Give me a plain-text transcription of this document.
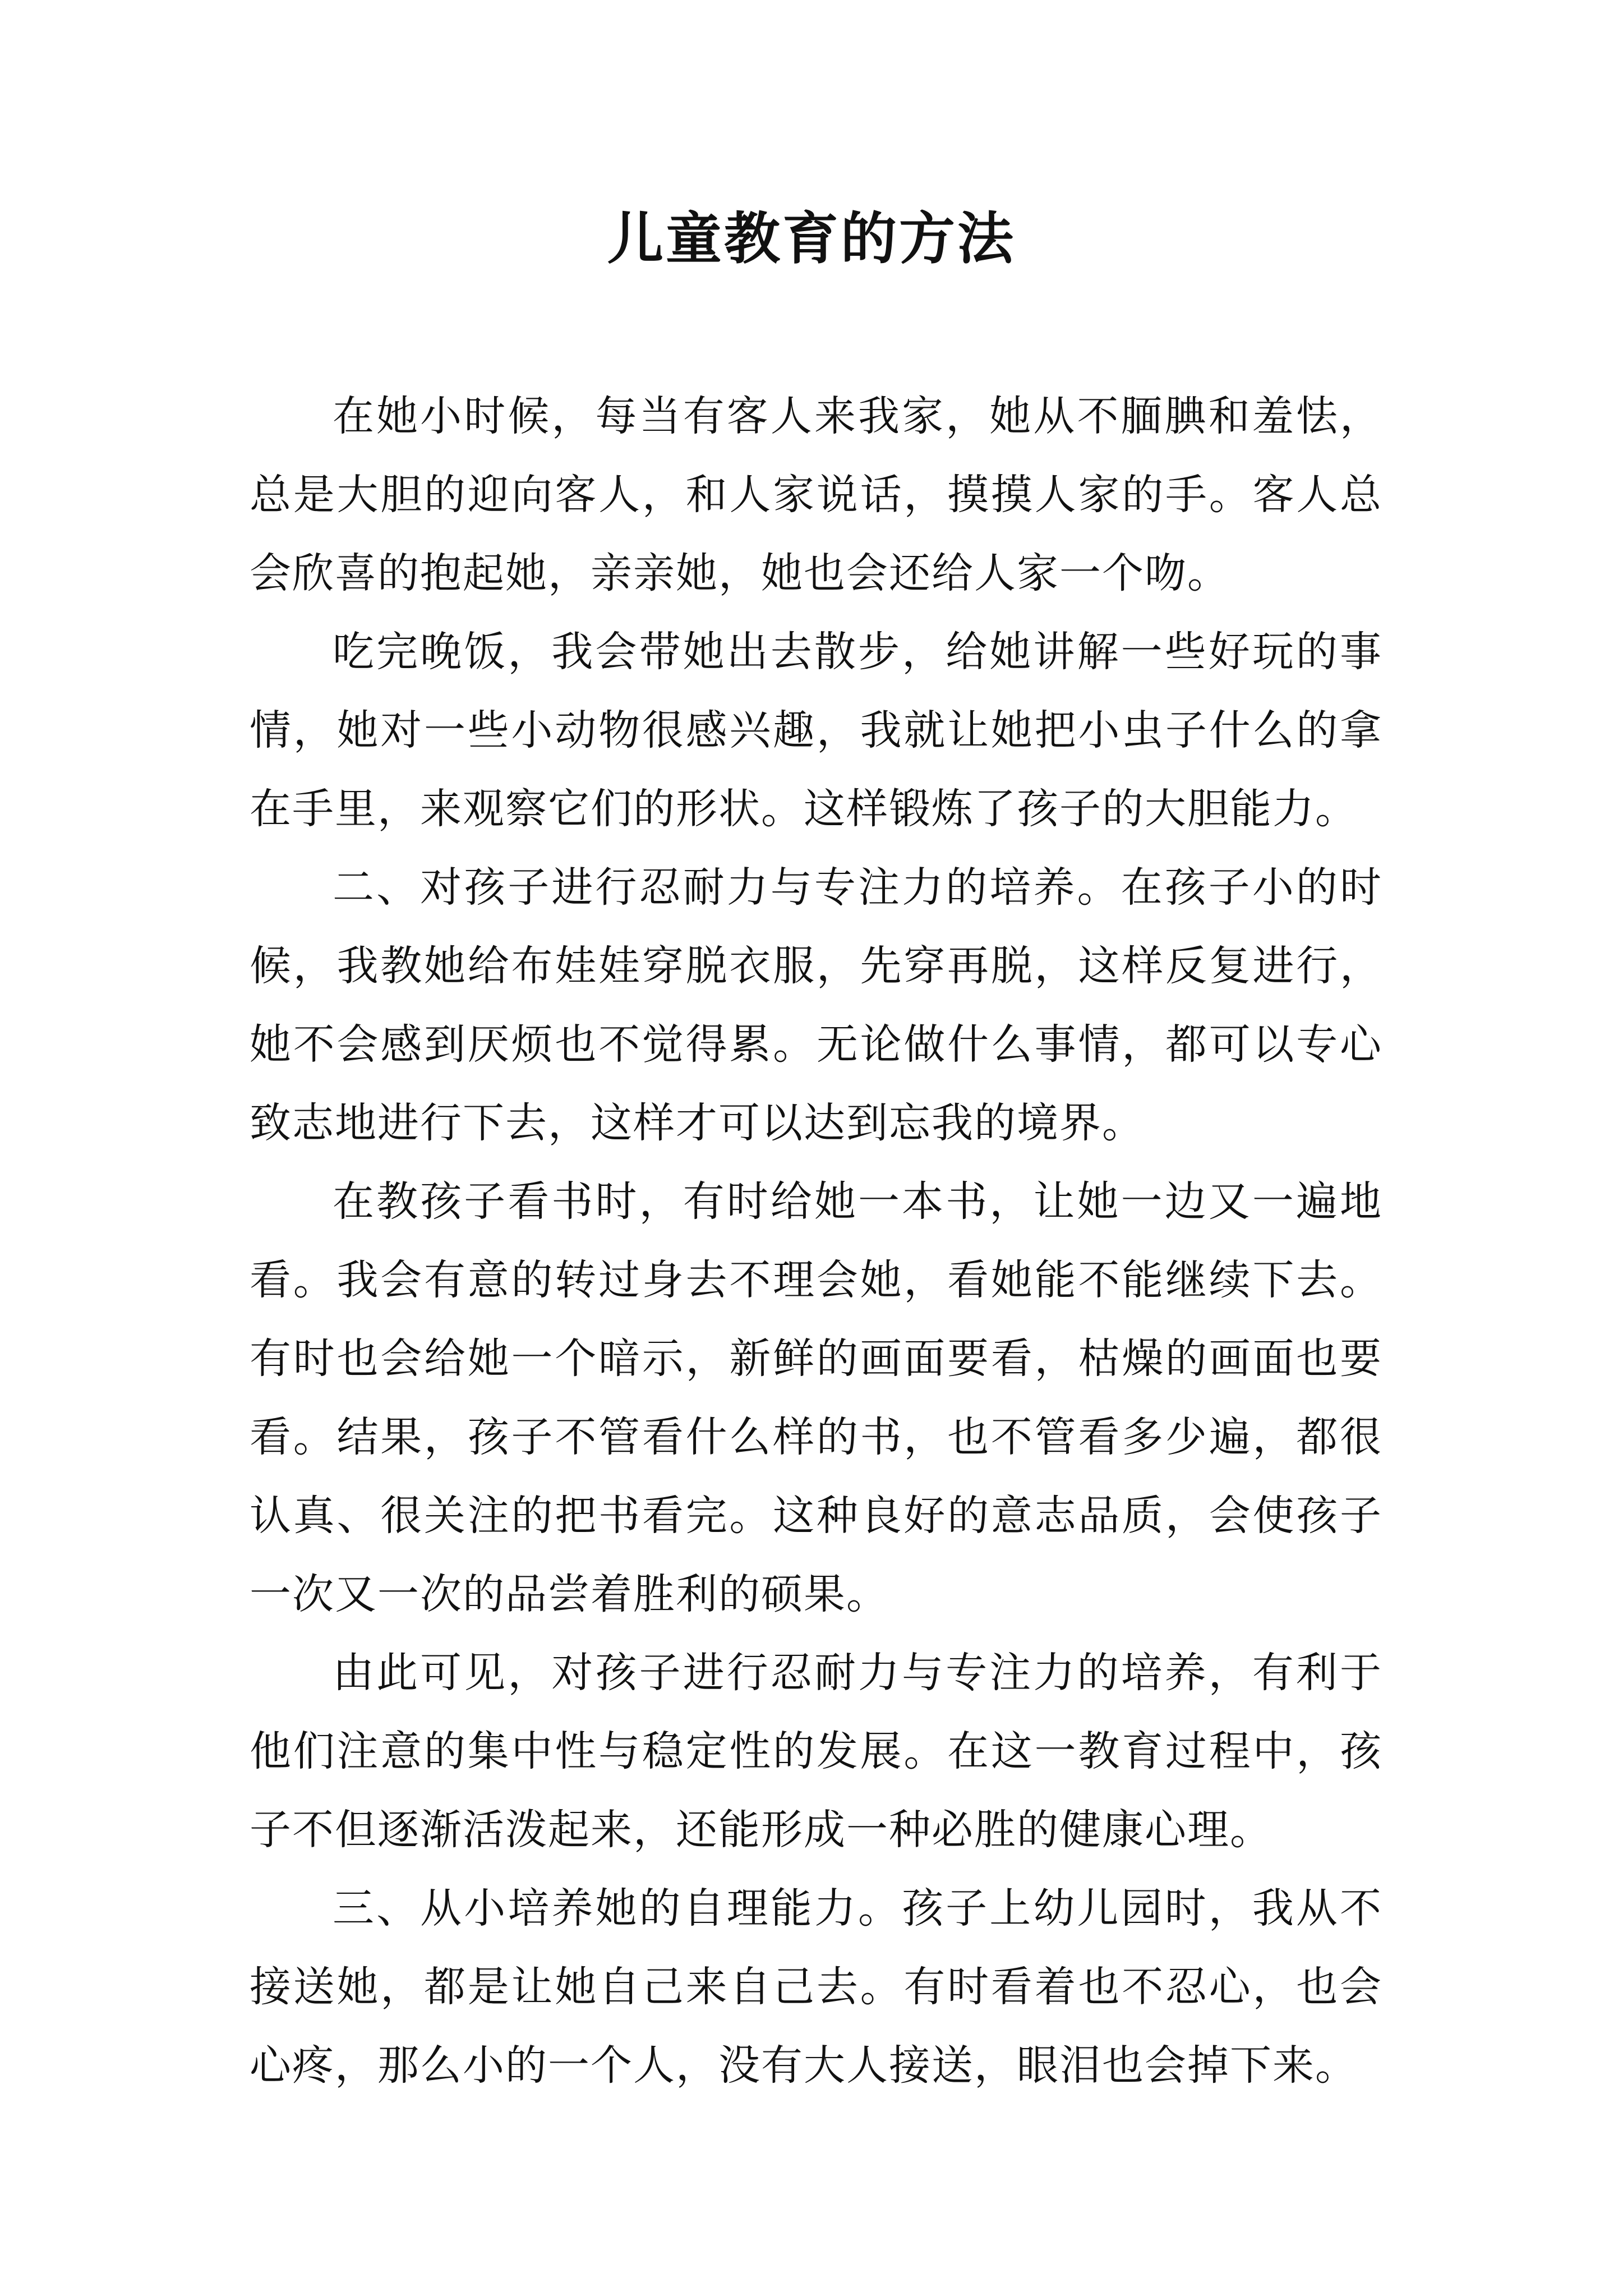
儿童教育的方法

在她小时候，每当有客人来我家，她从不腼腆和羞怯，总是大胆的迎向客人，和人家说话，摸摸人家的手。客人总会欣喜的抱起她，亲亲她，她也会还给人家一个吻。

吃完晚饭，我会带她出去散步，给她讲解一些好玩的事情，她对一些小动物很感兴趣，我就让她把小虫子什么的拿在手里，来观察它们的形状。这样锻炼了孩子的大胆能力。

二、对孩子进行忍耐力与专注力的培养。在孩子小的时候，我教她给布娃娃穿脱衣服，先穿再脱，这样反复进行，她不会感到厌烦也不觉得累。无论做什么事情，都可以专心致志地进行下去，这样才可以达到忘我的境界。

在教孩子看书时，有时给她一本书，让她一边又一遍地看。我会有意的转过身去不理会她，看她能不能继续下去。有时也会给她一个暗示，新鲜的画面要看，枯燥的画面也要看。结果，孩子不管看什么样的书，也不管看多少遍，都很认真、很关注的把书看完。这种良好的意志品质，会使孩子一次又一次的品尝着胜利的硕果。

由此可见，对孩子进行忍耐力与专注力的培养，有利于他们注意的集中性与稳定性的发展。在这一教育过程中，孩子不但逐渐活泼起来，还能形成一种必胜的健康心理。

三、从小培养她的自理能力。孩子上幼儿园时，我从不接送她，都是让她自己来自己去。有时看着也不忍心，也会心疼，那么小的一个人，没有大人接送，眼泪也会掉下来。
